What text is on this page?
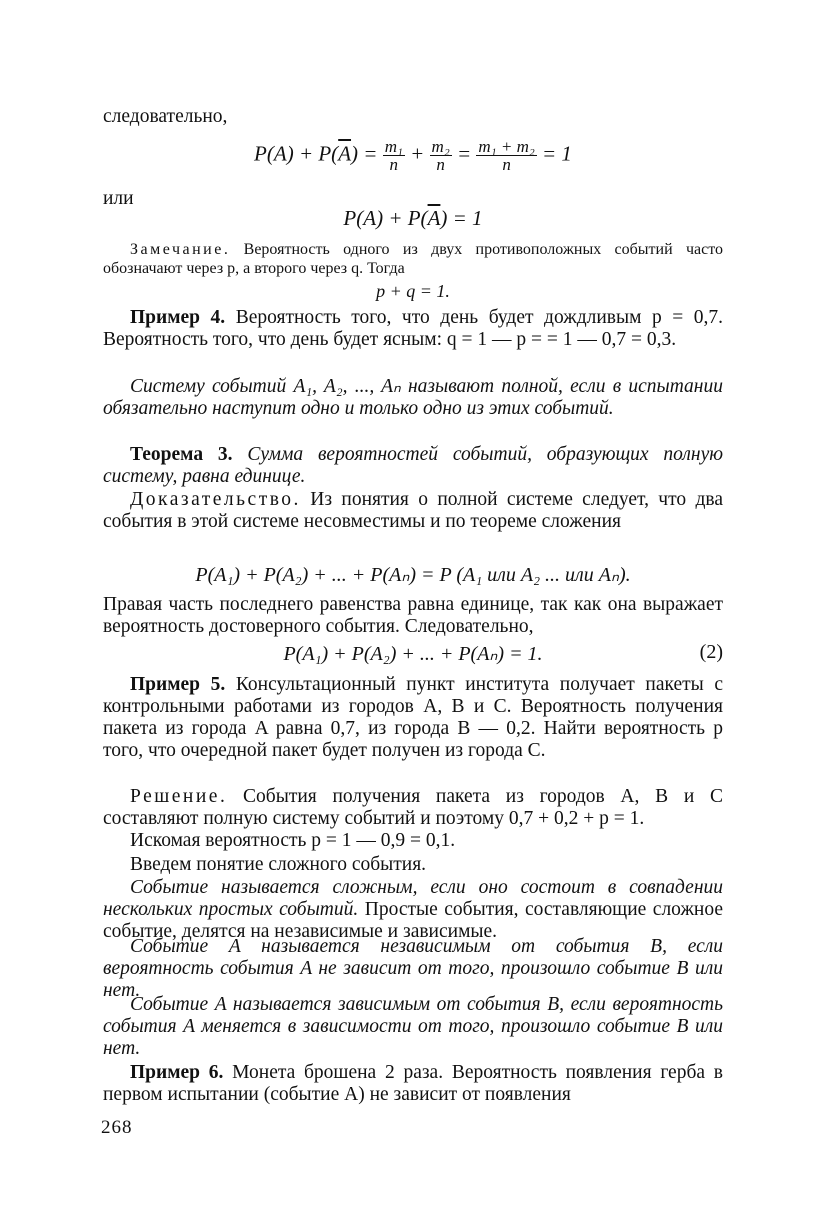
следовательно,

$P(A) + P(\overline{A}) = \frac{\text{m₁}}{n} + \frac{\text{m₂}}{n} = \frac{\text{m₁ + m₂}}{n} = 1$

или

$P(A) + P(\overline{A}) = 1$

Замечание. Вероятность одного из двух противоположных событий часто обозначают через p, а второго через q. Тогда

p + q = 1.

Пример 4. Вероятность того, что день будет дождливым p = 0,7. Вероятность того, что день будет ясным: q = 1 — p = = 1 — 0,7 = 0,3.

Систему событий A₁, A₂, ..., Aₙ называют полной, если в испытании обязательно наступит одно и только одно из этих событий.

Теорема 3. Сумма вероятностей событий, образующих полную систему, равна единице.

Доказательство. Из понятия о полной системе следует, что два события в этой системе несовместимы и по теореме сложения

P(A₁) + P(A₂) + ... + P(Aₙ) = P (A₁ или A₂ ... или Aₙ).

Правая часть последнего равенства равна единице, так как она выражает вероятность достоверного события. Следовательно,

P(A₁) + P(A₂) + ... + P(Aₙ) = 1.	(2)

Пример 5. Консультационный пункт института получает пакеты с контрольными работами из городов A, B и C. Вероятность получения пакета из города A равна 0,7, из города B — 0,2. Найти вероятность p того, что очередной пакет будет получен из города C.

Решение. События получения пакета из городов A, B и C составляют полную систему событий и поэтому 0,7 + 0,2 + p = 1.

Искомая вероятность p = 1 — 0,9 = 0,1.

Введем понятие сложного события.

Событие называется сложным, если оно состоит в совпадении нескольких простых событий. Простые события, составляющие сложное событие, делятся на независимые и зависимые.

Событие A называется независимым от события B, если вероятность события A не зависит от того, произошло событие B или нет.

Событие A называется зависимым от события B, если вероятность события A меняется в зависимости от того, произошло событие B или нет.

Пример 6. Монета брошена 2 раза. Вероятность появления герба в первом испытании (событие A) не зависит от появления

268
